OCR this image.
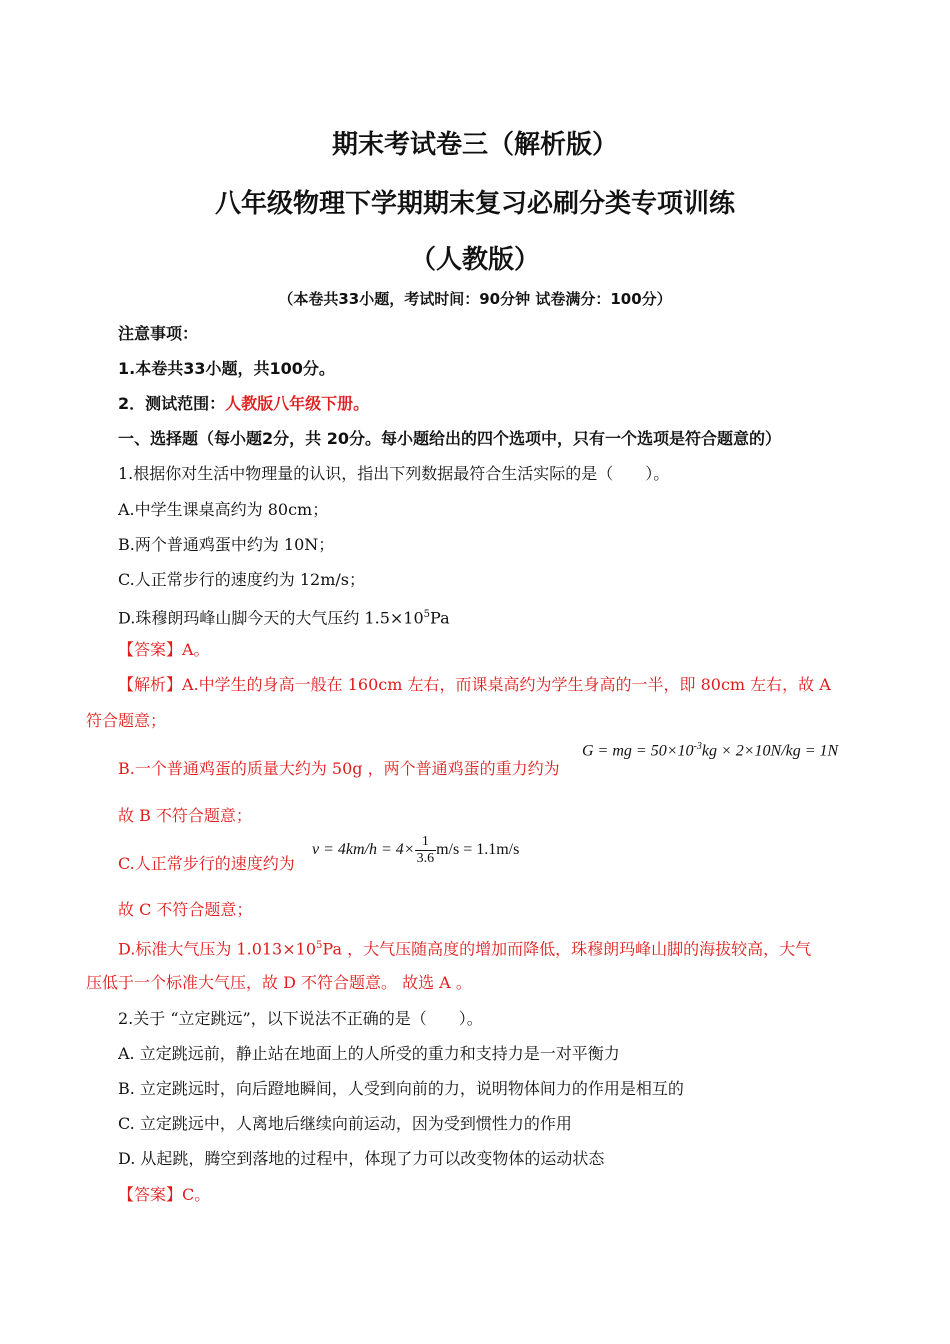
期末考试卷三（解析版）
八年级物理下学期期末复习必刷分类专项训练
（人教版）
（本卷共33小题，考试时间：90分钟 试卷满分：100分）
注意事项：
1.本卷共33小题，共100分。
2．测试范围：人教版八年级下册。
一、选择题（每小题2分，共 20分。每小题给出的四个选项中，只有一个选项是符合题意的）
1.根据你对生活中物理量的认识，指出下列数据最符合生活实际的是（　　）。
A.中学生课桌高约为 80cm；
B.两个普通鸡蛋中约为 10N；
C.人正常步行的速度约为 12m/s；
D.珠穆朗玛峰山脚今天的大气压约 $1.5\times 10^5Pa$
【答案】A。
【解析】A.中学生的身高一般在 160cm 左右，而课桌高约为学生身高的一半，即 80cm 左右，故 A
符合题意；
B.一个普通鸡蛋的质量大约为 50g ，两个普通鸡蛋的重力约为
G = mg = $50\times 10^{-3}kg \times 2\times 10N/kg = 1N$
故 B 不符合题意；
C.人正常步行的速度约为
$v = 4km/h = 4\times \frac{1}{3.6} m/s = 1.1m/s$
故 C 不符合题意；
D.标准大气压为 $1.013\times 10^5Pa$ ，大气压随高度的增加而降低，珠穆朗玛峰山脚的海拔较高，大气
压低于一个标准大气压，故 D 不符合题意。 故选 A 。
2.关于 “立定跳远”，以下说法不正确的是（　　）。
A. 立定跳远前，静止站在地面上的人所受的重力和支持力是一对平衡力
B. 立定跳远时，向后蹬地瞬间，人受到向前的力，说明物体间力的作用是相互的
C. 立定跳远中，人离地后继续向前运动，因为受到惯性力的作用
D. 从起跳，腾空到落地的过程中，体现了力可以改变物体的运动状态
【答案】C。
